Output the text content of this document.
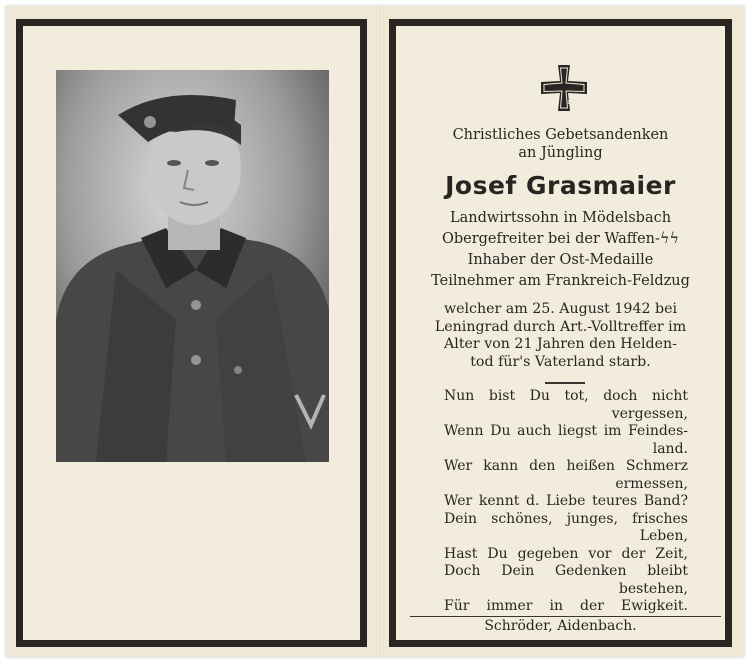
1939
Christliches Gebetsandenken
an Jüngling
Josef Grasmaier
Landwirtssohn in Mödelsbach
Obergefreiter bei der Waffen-ϟϟ
Inhaber der Ost-Medaille
Teilnehmer am Frankreich-Feldzug
welcher am 25. August 1942 bei
Leningrad durch Art.-Volltreffer im
Alter von 21 Jahren den Helden-
tod für's Vaterland starb.
Nun bist Du tot, doch nicht
vergessen,
Wenn Du auch liegst im Feindes-
land.
Wer kann den heißen Schmerz
ermessen,
Wer kennt d. Liebe teures Band?
Dein schönes, junges, frisches
Leben,
Hast Du gegeben vor der Zeit,
Doch Dein Gedenken bleibt
bestehen,
Für immer in der Ewigkeit.
Schröder, Aidenbach.
